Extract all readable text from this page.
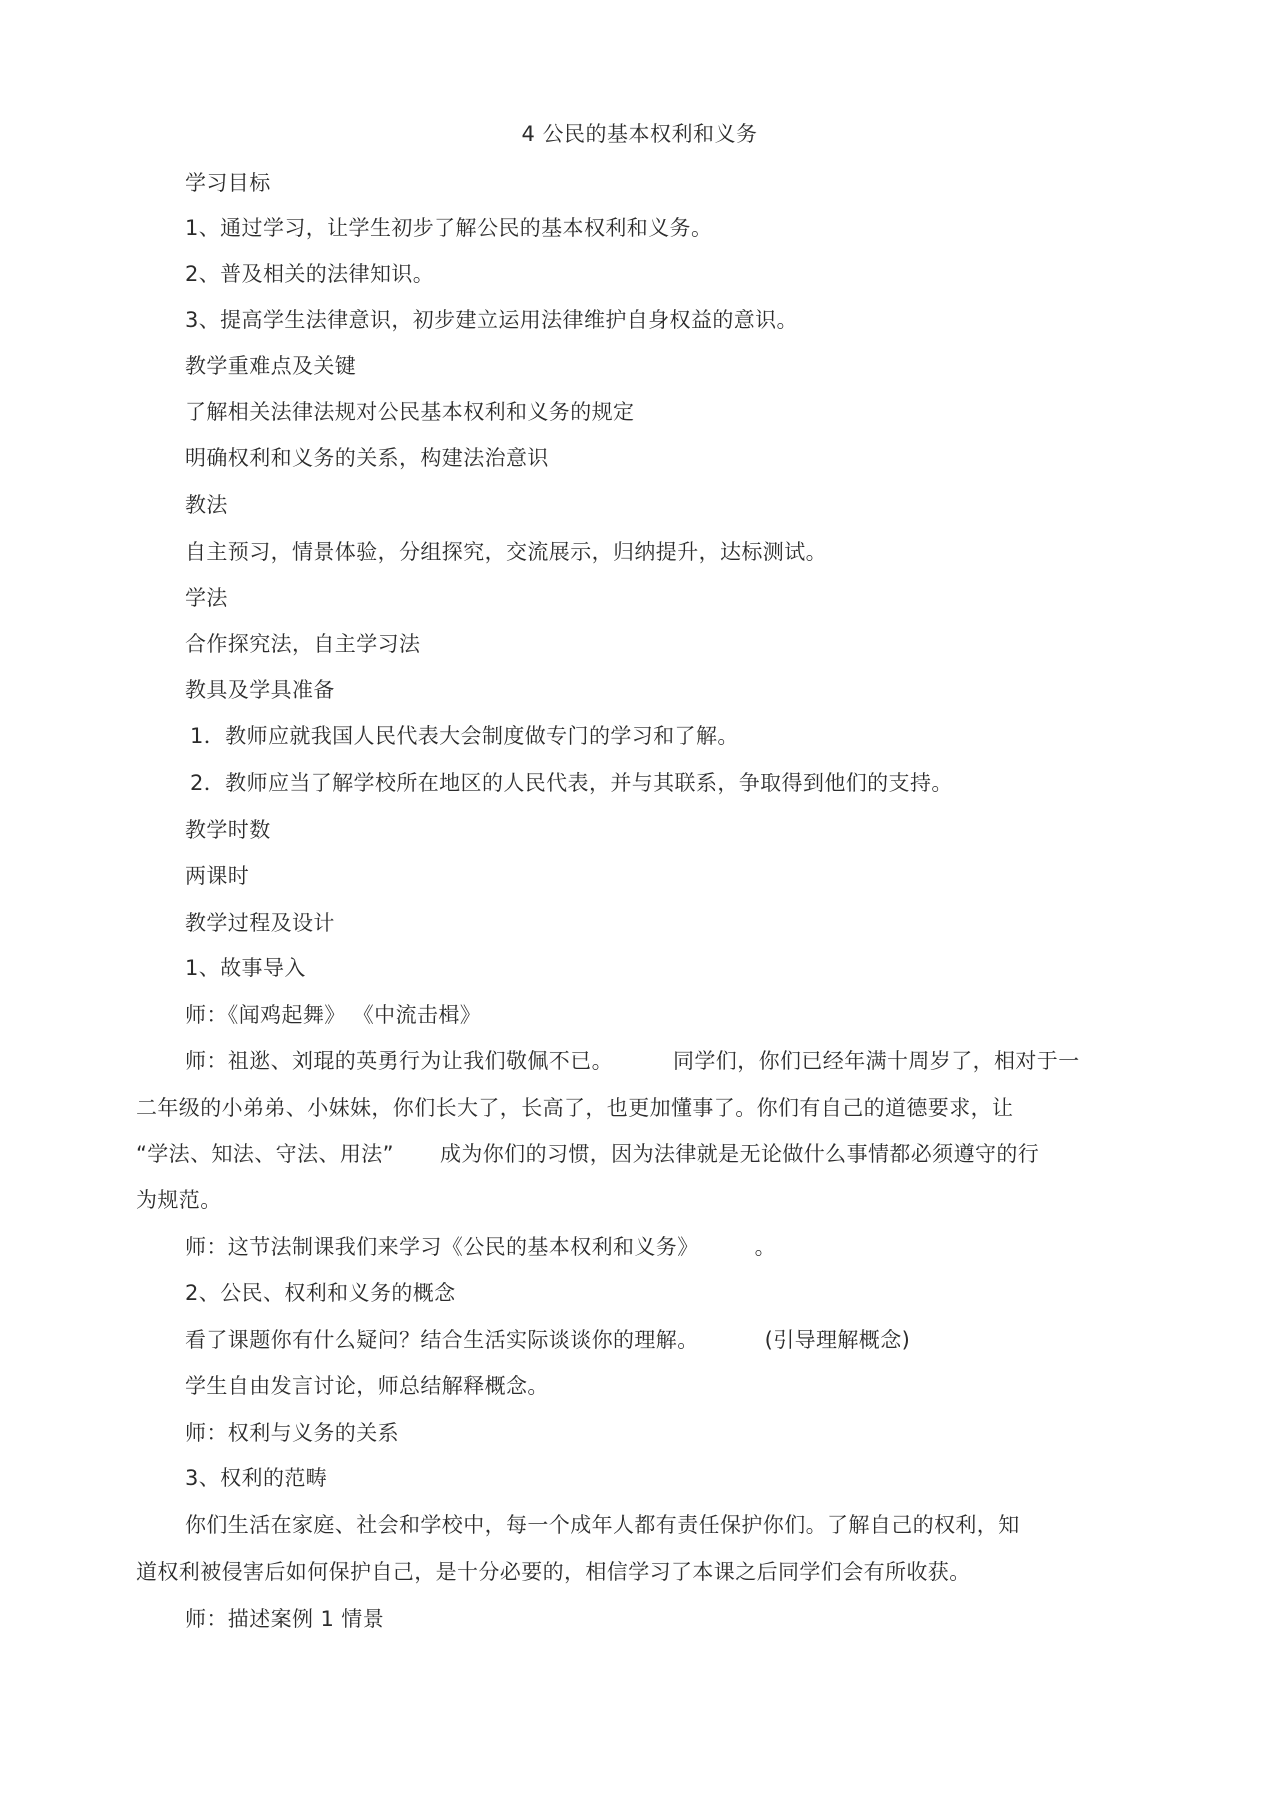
4 公民的基本权利和义务
学习目标
1、通过学习，让学生初步了解公民的基本权利和义务。
2、普及相关的法律知识。
3、提高学生法律意识，初步建立运用法律维护自身权益的意识。
教学重难点及关键
了解相关法律法规对公民基本权利和义务的规定
明确权利和义务的关系，构建法治意识
教法
自主预习，情景体验，分组探究，交流展示，归纳提升，达标测试。
学法
合作探究法，自主学习法
教具及学具准备
1．教师应就我国人民代表大会制度做专门的学习和了解。
2．教师应当了解学校所在地区的人民代表，并与其联系，争取得到他们的支持。
教学时数
两课时
教学过程及设计
1、故事导入
师：《闻鸡起舞》 《中流击楫》
师：祖逖、刘琨的英勇行为让我们敬佩不已。	同学们，你们已经年满十周岁了，相对于一
二年级的小弟弟、小妹妹，你们长大了，长高了，也更加懂事了。你们有自己的道德要求，让
“学法、知法、守法、用法” 成为你们的习惯，因为法律就是无论做什么事情都必须遵守的行
为规范。
师：这节法制课我们来学习《公民的基本权利和义务》	。
2、公民、权利和义务的概念
看了课题你有什么疑问？结合生活实际谈谈你的理解。	(引导理解概念)
学生自由发言讨论，师总结解释概念。
师：权利与义务的关系
3、权利的范畴
你们生活在家庭、社会和学校中，每一个成年人都有责任保护你们。了解自己的权利，知
道权利被侵害后如何保护自己，是十分必要的，相信学习了本课之后同学们会有所收获。
师：描述案例 1 情景
